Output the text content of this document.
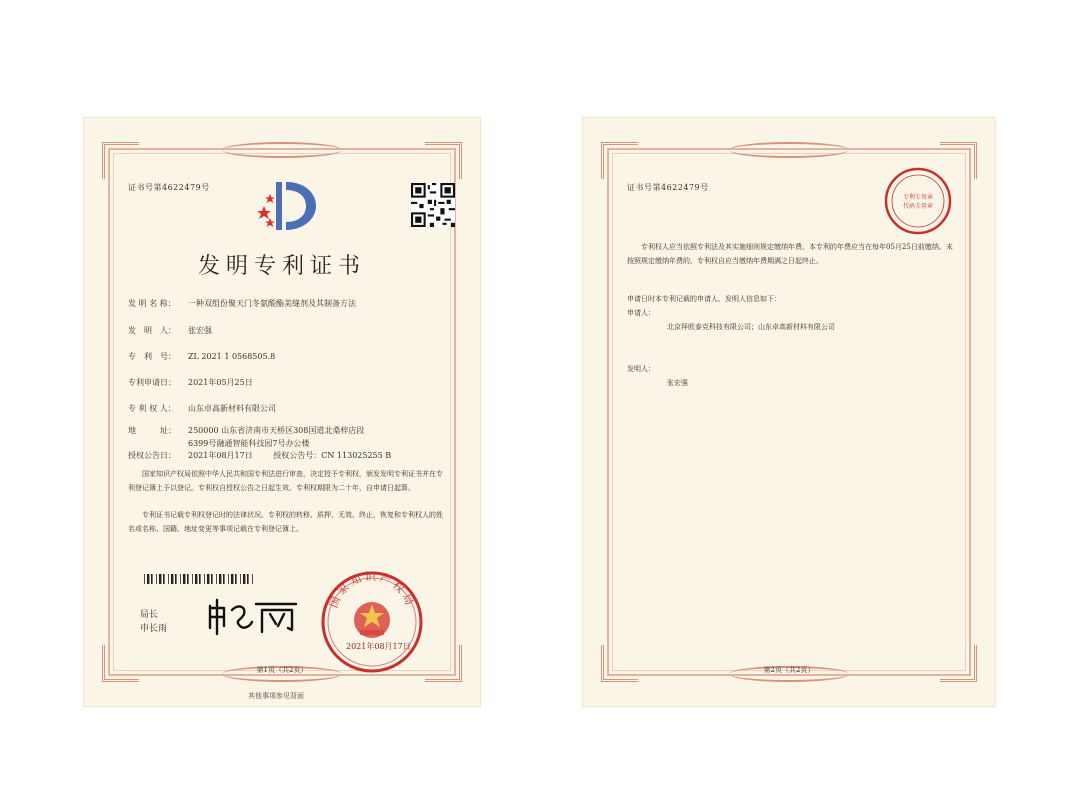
证书号第4622479号
发明专利证书
发 明 名 称： 一种双组份聚天门冬氨酸酯美缝剂及其制备方法
发　明　人： 张宏强
专　利　号： ZL 2021 1 0568505.8
专利申请日： 2021年05月25日
专 利 权 人： 山东卓高新材料有限公司
地　　　址： 250000 山东省济南市天桥区308国道北桑梓店段6399号融通智能科技园7号办公楼
授权公告日： 2021年08月17日	授权公告号：CN 113025255 B
国家知识产权局依照中华人民共和国专利法进行审查，决定授予专利权，颁发发明专利证书并在专利登记簿上予以登记。专利权自授权公告之日起生效。专利权期限为二十年，自申请日起算。
专利证书记载专利权登记时的法律状况。专利权的转移、质押、无效、终止、恢复和专利权人的姓名或名称、国籍、地址变更等事项记载在专利登记簿上。
局长
申长雨
国家知识产权局
2021年08月17日
第1页（共2页）
其他事项参见背面
证书号第4622479号
专利专用章
代码专用章
专利权人应当依照专利法及其实施细则规定缴纳年费。本专利的年费应当在每年05月25日前缴纳。未按照规定缴纳年费的，专利权自应当缴纳年费期满之日起终止。
申请日时本专利记载的申请人、发明人信息如下：
申请人：
北京拜欧泰克科技有限公司；山东卓高新材料有限公司
发明人：
张宏强
第2页（共2页）
